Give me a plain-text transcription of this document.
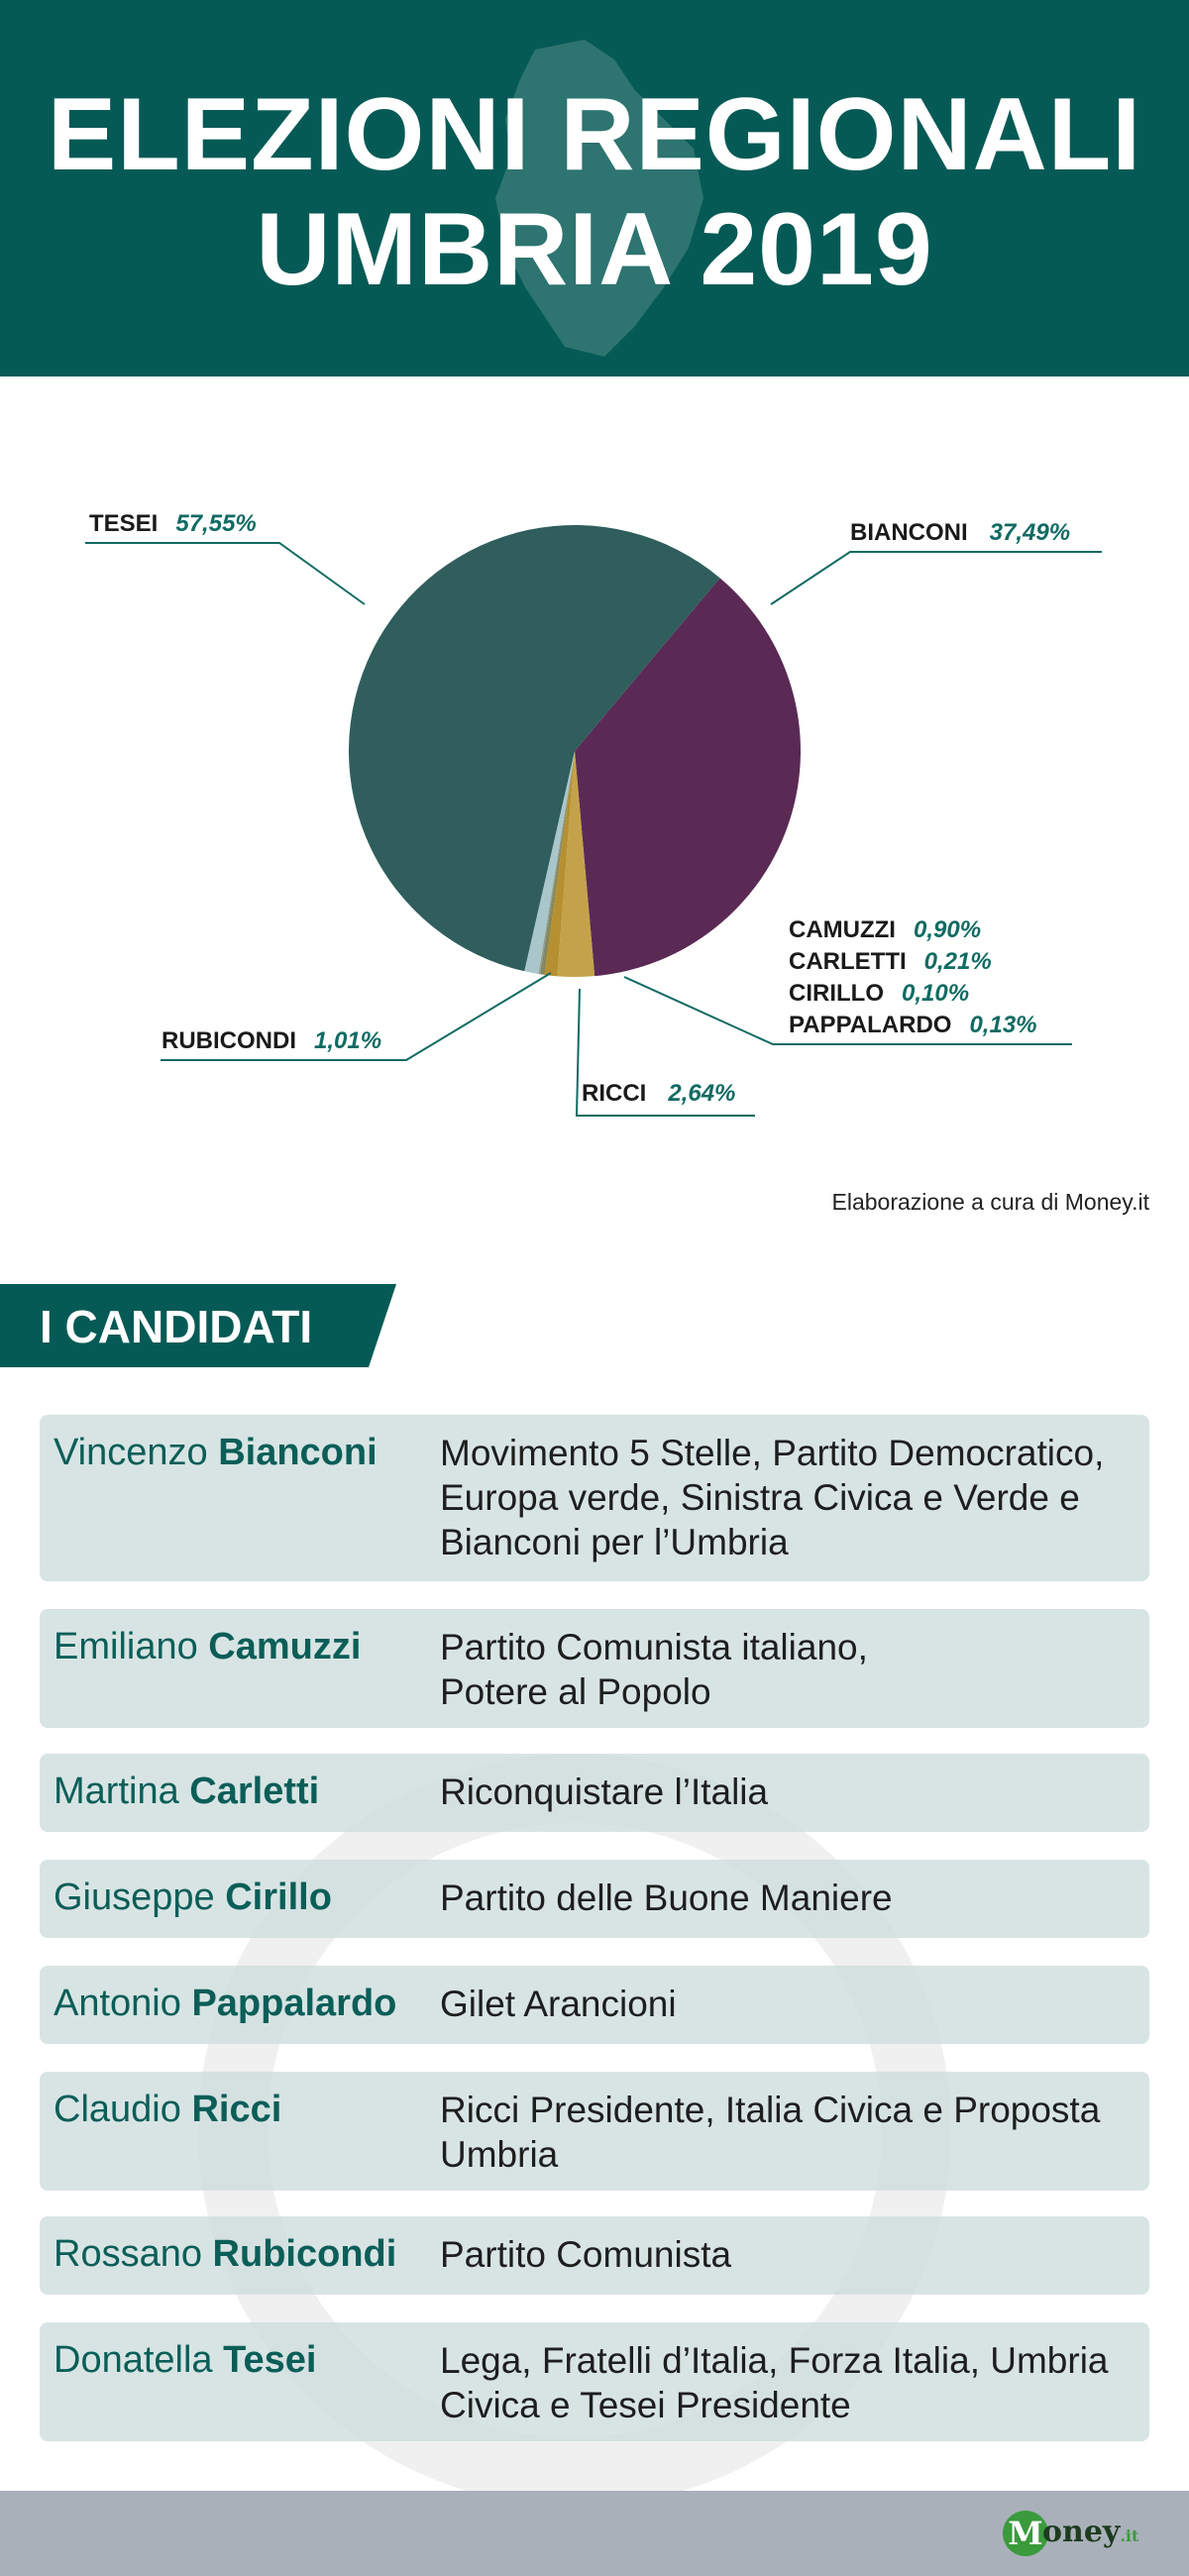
ELEZIONI REGIONALI
UMBRIA 2019
TESEI 57,55%	BIANCONI 37,49%
RUBICONDI 1,01%
RICCI 2,64%
CAMUZZI 0,90%
CARLETTI 0,21%
CIRILLO 0,10%
PAPPALARDO 0,13%
Elaborazione a cura di Money.it
I CANDIDATI
Vincenzo Bianconi	Movimento 5 Stelle, Partito Democratico,
Europa verde, Sinistra Civica e Verde e
Bianconi per l’Umbria
Emiliano Camuzzi	Partito Comunista italiano,
Potere al Popolo
Martina Carletti	Riconquistare l’Italia
Giuseppe Cirillo	Partito delle Buone Maniere
Antonio Pappalardo	Gilet Arancioni
Claudio Ricci	Ricci Presidente, Italia Civica e Proposta
Umbria
Rossano Rubicondi	Partito Comunista
Donatella Tesei	Lega, Fratelli d’Italia, Forza Italia, Umbria
Civica e Tesei Presidente
M oney.it
